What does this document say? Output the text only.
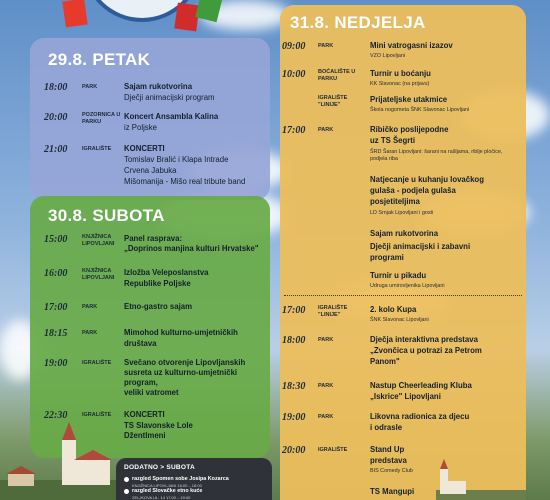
29.8. PETAK
18:00	PARK	Sajam rukotvorina
Dječji animacijski program
20:00	POZORNICA U PARKU
Koncert Ansambla Kalina
iz Poljske
21:00	IGRALIŠTE	KONCERTI
Tomislav Bralić i Klapa Intrade
Crvena Jabuka
Mišomanija - Mišo real tribute band
30.8. SUBOTA
15:00	KNJIŽNICA LIPOVLJANI
Panel rasprava:
„Doprinos manjina kulturi Hrvatske"
16:00	KNJIŽNICA LIPOVLJANI
Izložba Veleposlanstva
Republike Poljske
17:00	PARK	Etno-gastro sajam
18:15	PARK	Mimohod kulturno-umjetničkih
društava
19:00	IGRALIŠTE	Svečano otvorenje Lipovljanskih
susreta uz kulturno-umjetnički
program,
veliki vatromet
22:30	IGRALIŠTE	KONCERTI
TS Slavonske Lole
Džentlmeni
DODATNO > SUBOTA
razgled Spomen sobe Josipa Kozarca
KNJIŽNICA LIPOVLJANI 16:00 – 18:00
razgled Slovačke etno kuće
ZELJKOVA UL. 14 17:00 – 19:00
31.8. NEDJELJA
09:00	PARK	Mini vatrogasni izazov
VZO Lipovljani
10:00	BOĆALIŠTE U PARKU
Turnir u boćanju
KK Slavonac (na prijavu)
IGRALIŠTE "LINIJE"
Prijateljske utakmice
Škola nogometa ŠNK Slavonac Lipovljani
17:00	PARK	Ribičko poslijepodne
uz TS Šegrti
ŠRD Šaran Lipovljani: šarani na rašljama, riblje pločice, podjela riba
Natjecanje u kuhanju lovačkog
gulaša - podjela gulaša
posjetiteljima
LD Srnjak Lipovljani i gosti
Sajam rukotvorina
Dječji animacijski i zabavni
programi
Turnir u pikadu
Udruga umirovljenika Lipovljani
17:00	IGRALIŠTE "LINIJE"
2. kolo Kupa
ŠNK Slavonac Lipovljani
18:00	PARK	Dječja interaktivna predstava
„Zvončica u potrazi za Petrom
Panom"
18:30	PARK	Nastup Cheerleading Kluba
„Iskrice" Lipovljani
19:00	PARK	Likovna radionica za djecu
i odrasle
20:00	IGRALIŠTE	Stand Up
predstava
BIS Comedy Club
TS Mangupi
